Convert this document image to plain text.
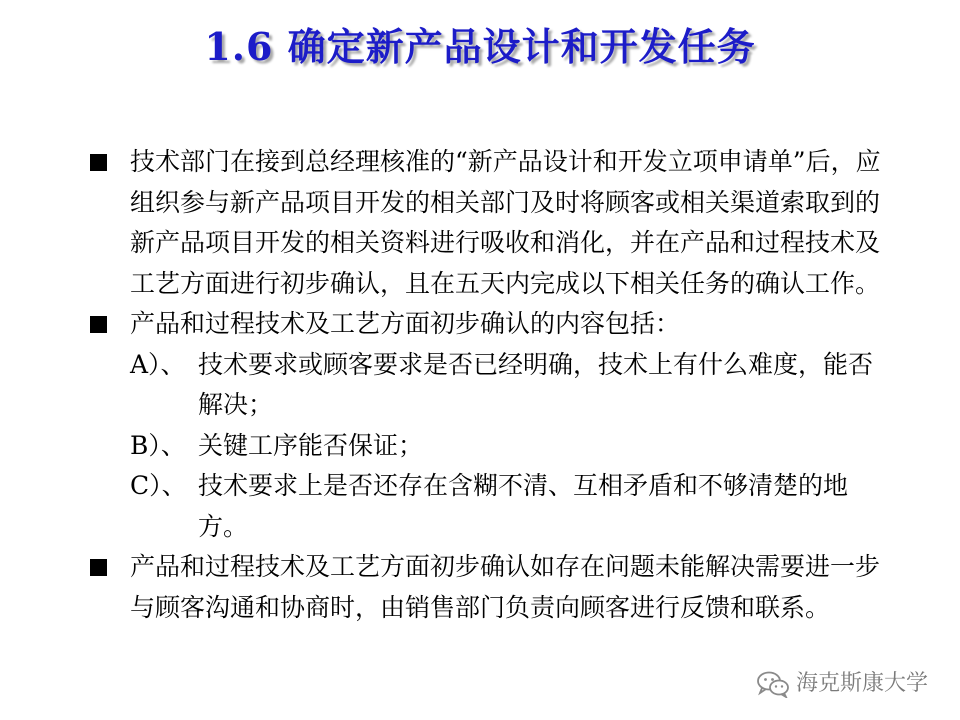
1.6 确定新产品设计和开发任务
技术部门在接到总经理核准的“新产品设计和开发立项申请单”后，应组织参与新产品项目开发的相关部门及时将顾客或相关渠道索取到的新产品项目开发的相关资料进行吸收和消化，并在产品和过程技术及工艺方面进行初步确认，且在五天内完成以下相关任务的确认工作。
产品和过程技术及工艺方面初步确认的内容包括：
A）、 技术要求或顾客要求是否已经明确，技术上有什么难度，能否解决；
B）、 关键工序能否保证；
C）、 技术要求上是否还存在含糊不清、互相矛盾和不够清楚的地方。
产品和过程技术及工艺方面初步确认如存在问题未能解决需要进一步与顾客沟通和协商时，由销售部门负责向顾客进行反馈和联系。
海克斯康大学
